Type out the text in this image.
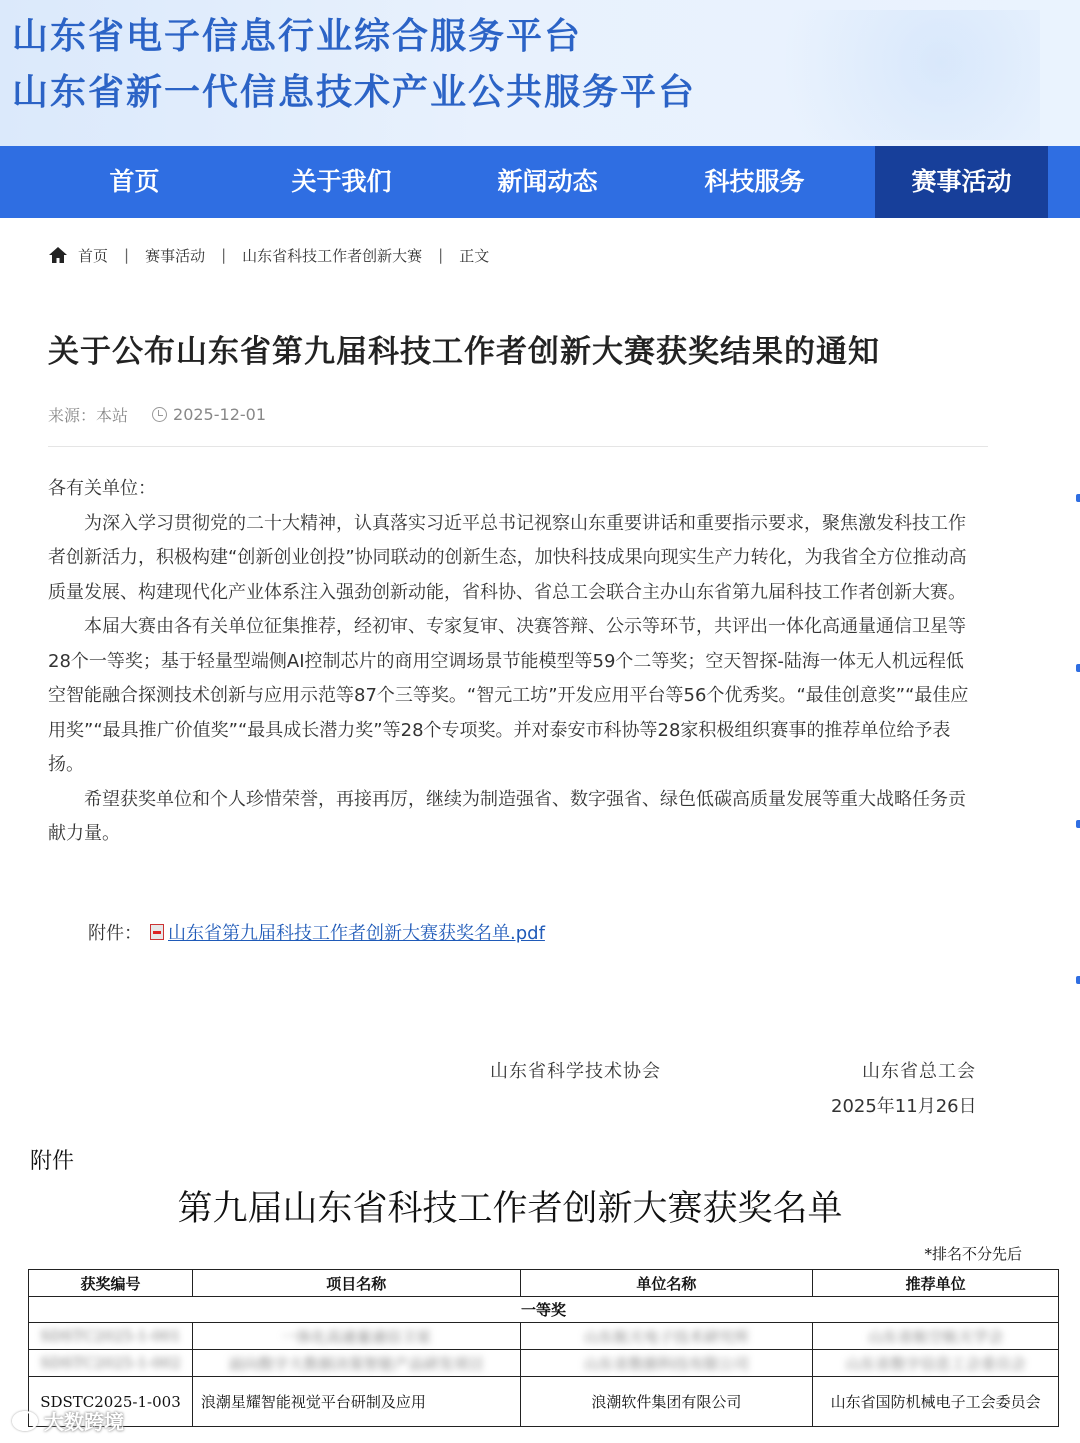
山东省电子信息行业综合服务平台
山东省新一代信息技术产业公共服务平台
首页	关于我们	新闻动态	科技服务	赛事活动
首页 | 赛事活动 | 山东省科技工作者创新大赛 | 正文
关于公布山东省第九届科技工作者创新大赛获奖结果的通知
来源：本站	2025-12-01

各有关单位：

为深入学习贯彻党的二十大精神，认真落实习近平总书记视察山东重要讲话和重要指示要求，聚焦激发科技工作者创新活力，积极构建“创新创业创投”协同联动的创新生态，加快科技成果向现实生产力转化，为我省全方位推动高质量发展、构建现代化产业体系注入强劲创新动能，省科协、省总工会联合主办山东省第九届科技工作者创新大赛。

本届大赛由各有关单位征集推荐，经初审、专家复审、决赛答辩、公示等环节，共评出一体化高通量通信卫星等28个一等奖；基于轻量型端侧AI控制芯片的商用空调场景节能模型等59个二等奖；空天智探-陆海一体无人机远程低空智能融合探测技术创新与应用示范等87个三等奖。“智元工坊”开发应用平台等56个优秀奖。“最佳创意奖”“最佳应用奖”“最具推广价值奖”“最具成长潜力奖”等28个专项奖。并对泰安市科协等28家积极组织赛事的推荐单位给予表扬。

希望获奖单位和个人珍惜荣誉，再接再厉，继续为制造强省、数字强省、绿色低碳高质量发展等重大战略任务贡献力量。

附件： 山东省第九届科技工作者创新大赛获奖名单.pdf
山东省科学技术协会	山东省总工会
2025年11月26日
附件
第九届山东省科技工作者创新大赛获奖名单
*排名不分先后
获奖编号	项目名称	单位名称	推荐单位
一等奖			
SDSTC2025-1-001	一体化高通量通信卫星	山东航天电子技术研究所	山东省航空航天学会
SDSTC2025-1-002	面向数字大数据决策智能产品研发项目	山东省数据科技有限公司	山东省数字信息工会委员会
SDSTC2025-1-003	浪潮星耀智能视觉平台研制及应用	浪潮软件集团有限公司	山东省国防机械电子工会委员会
大数跨境
